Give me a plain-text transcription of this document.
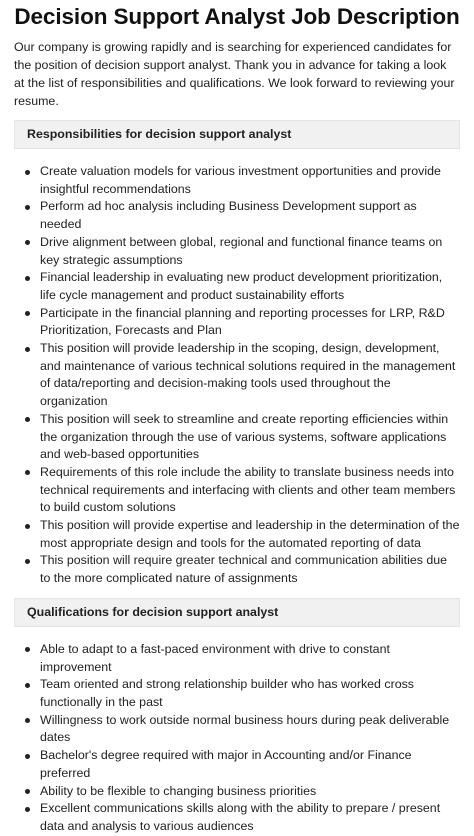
Decision Support Analyst Job Description

Our company is growing rapidly and is searching for experienced candidates for the position of decision support analyst. Thank you in advance for taking a look at the list of responsibilities and qualifications. We look forward to reviewing your resume.

Responsibilities for decision support analyst
Create valuation models for various investment opportunities and provide insightful recommendations
Perform ad hoc analysis including Business Development support as needed
Drive alignment between global, regional and functional finance teams on key strategic assumptions
Financial leadership in evaluating new product development prioritization, life cycle management and product sustainability efforts
Participate in the financial planning and reporting processes for LRP, R&D Prioritization, Forecasts and Plan
This position will provide leadership in the scoping, design, development, and maintenance of various technical solutions required in the management of data/reporting and decision-making tools used throughout the organization
This position will seek to streamline and create reporting efficiencies within the organization through the use of various systems, software applications and web-based opportunities
Requirements of this role include the ability to translate business needs into technical requirements and interfacing with clients and other team members to build custom solutions
This position will provide expertise and leadership in the determination of the most appropriate design and tools for the automated reporting of data
This position will require greater technical and communication abilities due to the more complicated nature of assignments
Qualifications for decision support analyst
Able to adapt to a fast-paced environment with drive to constant improvement
Team oriented and strong relationship builder who has worked cross functionally in the past
Willingness to work outside normal business hours during peak deliverable dates
Bachelor's degree required with major in Accounting and/or Finance preferred
Ability to be flexible to changing business priorities
Excellent communications skills along with the ability to prepare / present data and analysis to various audiences
